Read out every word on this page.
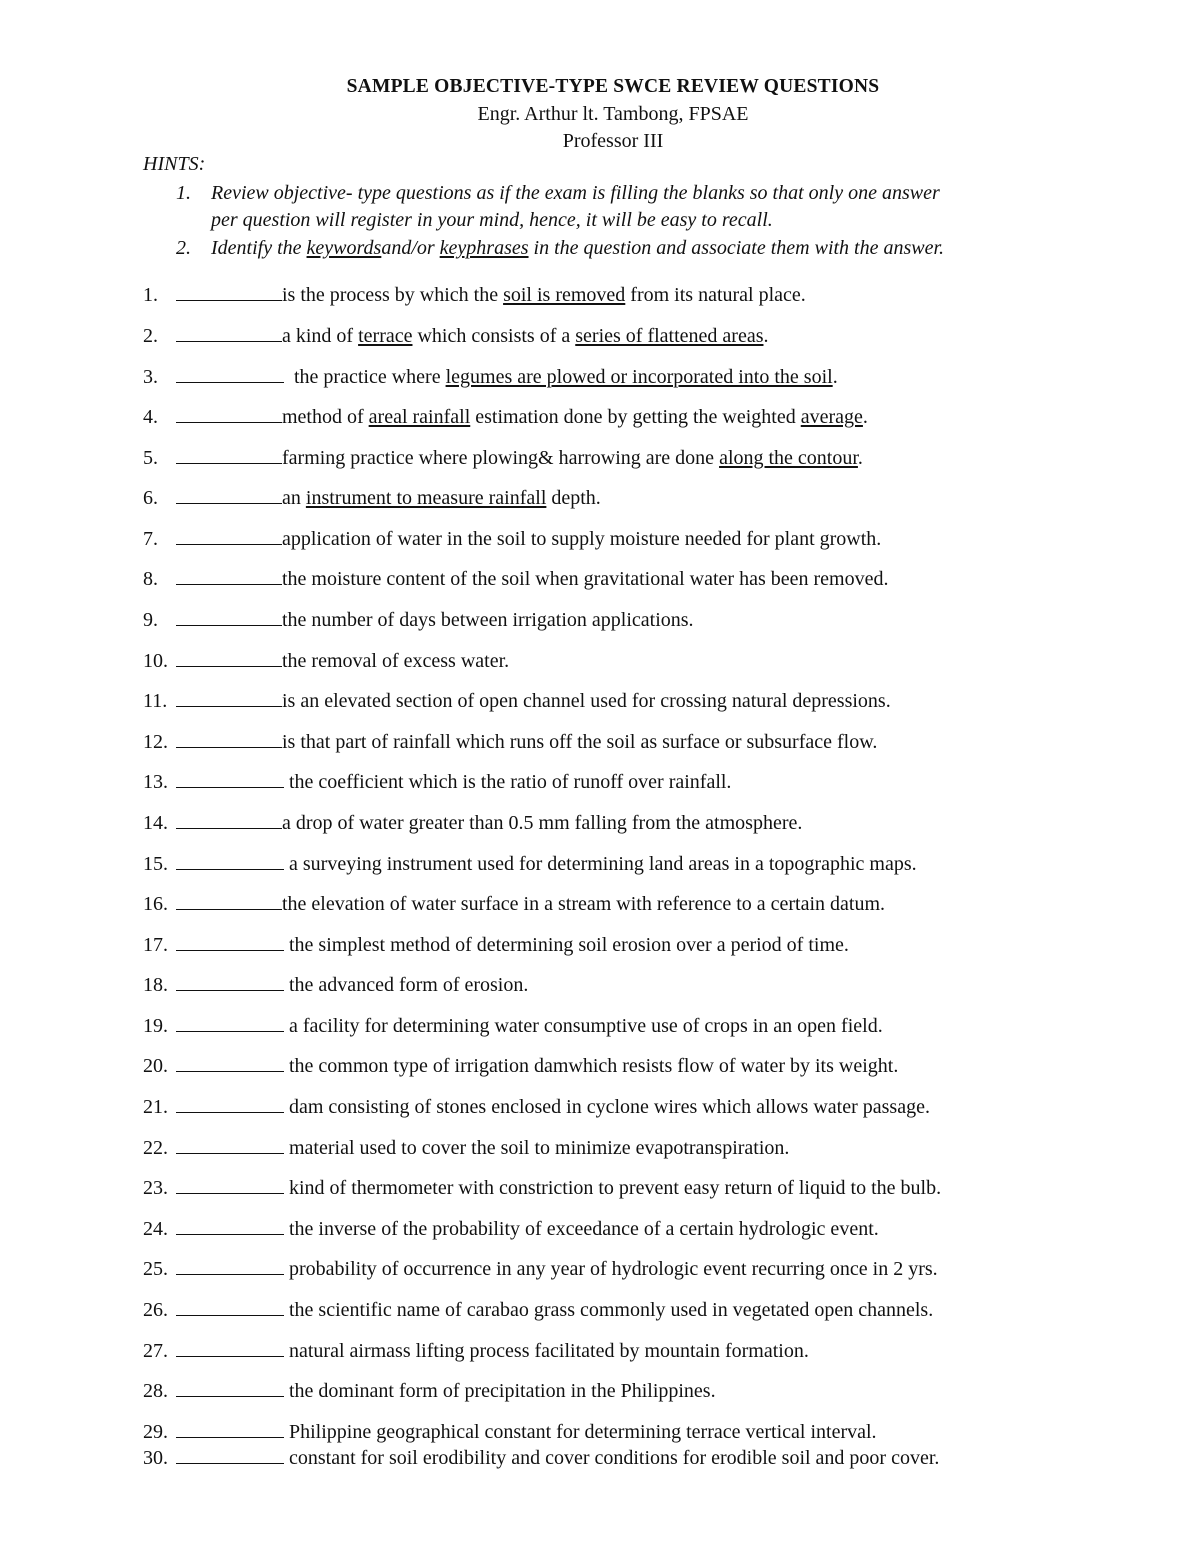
SAMPLE OBJECTIVE-TYPE SWCE REVIEW QUESTIONS
Engr. Arthur lt. Tambong, FPSAE
Professor III
HINTS:
1. Review objective- type questions as if the exam is filling the blanks so that only one answer
per question will register in your mind, hence, it will be easy to recall.
2. Identify the keywordsand/or keyphrases in the question and associate them with the answer.
1.	is the process by which the soil is removed from its natural place.
2.	a kind of terrace which consists of a series of flattened areas.
3.	the practice where legumes are plowed or incorporated into the soil.
4.	method of areal rainfall estimation done by getting the weighted average.
5.	farming practice where plowing& harrowing are done along the contour.
6.	an instrument to measure rainfall depth.
7.	application of water in the soil to supply moisture needed for plant growth.
8.	the moisture content of the soil when gravitational water has been removed.
9.	the number of days between irrigation applications.
10.	the removal of excess water.
11.	is an elevated section of open channel used for crossing natural depressions.
12.	is that part of rainfall which runs off the soil as surface or subsurface flow.
13.	the coefficient which is the ratio of runoff over rainfall.
14.	a drop of water greater than 0.5 mm falling from the atmosphere.
15.	a surveying instrument used for determining land areas in a topographic maps.
16.	the elevation of water surface in a stream with reference to a certain datum.
17.	the simplest method of determining soil erosion over a period of time.
18.	the advanced form of erosion.
19.	a facility for determining water consumptive use of crops in an open field.
20.	the common type of irrigation damwhich resists flow of water by its weight.
21.	dam consisting of stones enclosed in cyclone wires which allows water passage.
22.	material used to cover the soil to minimize evapotranspiration.
23.	kind of thermometer with constriction to prevent easy return of liquid to the bulb.
24.	the inverse of the probability of exceedance of a certain hydrologic event.
25.	probability of occurrence in any year of hydrologic event recurring once in 2 yrs.
26.	the scientific name of carabao grass commonly used in vegetated open channels.
27.	natural airmass lifting process facilitated by mountain formation.
28.	the dominant form of precipitation in the Philippines.
29.	Philippine geographical constant for determining terrace vertical interval.
30.	constant for soil erodibility and cover conditions for erodible soil and poor cover.
